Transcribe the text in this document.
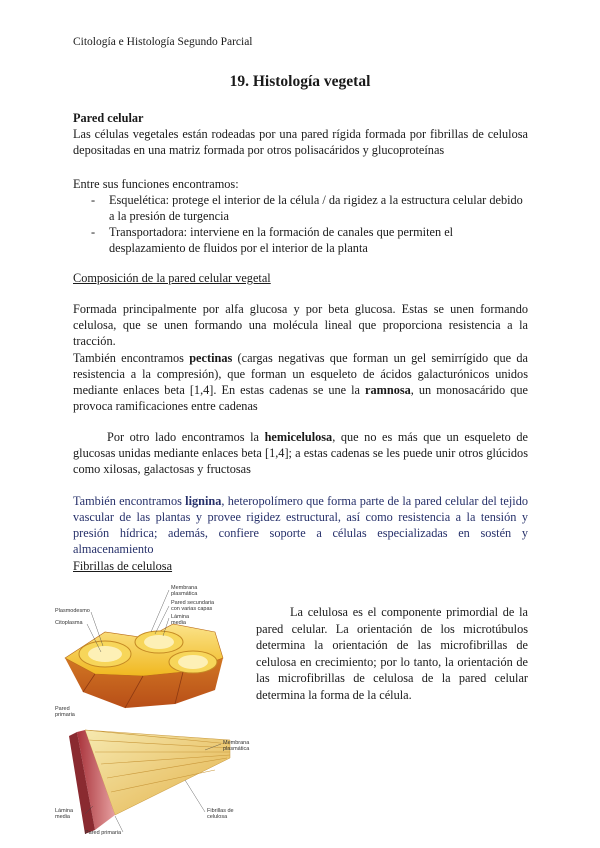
Citología e Histología Segundo Parcial
19. Histología vegetal
Pared celular
Las células vegetales están rodeadas por una pared rígida formada por fibrillas de celulosa depositadas en una matriz formada por otros polisacáridos y glucoproteínas
Entre sus funciones encontramos:
-	Esquelética: protege el interior de la célula / da rigidez a la estructura celular debido a la presión de turgencia
-	Transportadora: interviene en la formación de canales que permiten el desplazamiento de fluidos por el interior de la planta
Composición de la pared celular vegetal
Formada principalmente por alfa glucosa y por beta glucosa. Estas se unen formando celulosa, que se unen formando una molécula lineal que proporciona resistencia a la tracción.
También encontramos pectinas (cargas negativas que forman un gel semirrígido que da resistencia a la compresión), que forman un esqueleto de ácidos galacturónicos unidos mediante enlaces beta [1,4]. En estas cadenas se une la ramnosa, un monosacárido que provoca ramificaciones entre cadenas
Por otro lado encontramos la hemicelulosa, que no es más que un esqueleto de glucosas unidas mediante enlaces beta [1,4]; a estas cadenas se les puede unir otros glúcidos como xilosas, galactosas y fructosas
También encontramos lignina, heteropolímero que forma parte de la pared celular del tejido vascular de las plantas y provee rigidez estructural, así como resistencia a la tensión y presión hídrica; además, confiere soporte a células especializadas en sostén y almacenamiento
Fibrillas de celulosa
Membrana plasmática
Pared secundaria con varias capas
Lámina media
Plasmodesmo
Citoplasma
Pared primaria
Membrana plasmática
Lámina media
Fibrillas de celulosa
Pared primaria
La celulosa es el componente primordial de la pared celular. La orientación de los microtúbulos determina la orientación de las microfibrillas de celulosa en crecimiento; por lo tanto, la orientación de las microfibrillas de celulosa de la pared celular determina la forma de la célula.
